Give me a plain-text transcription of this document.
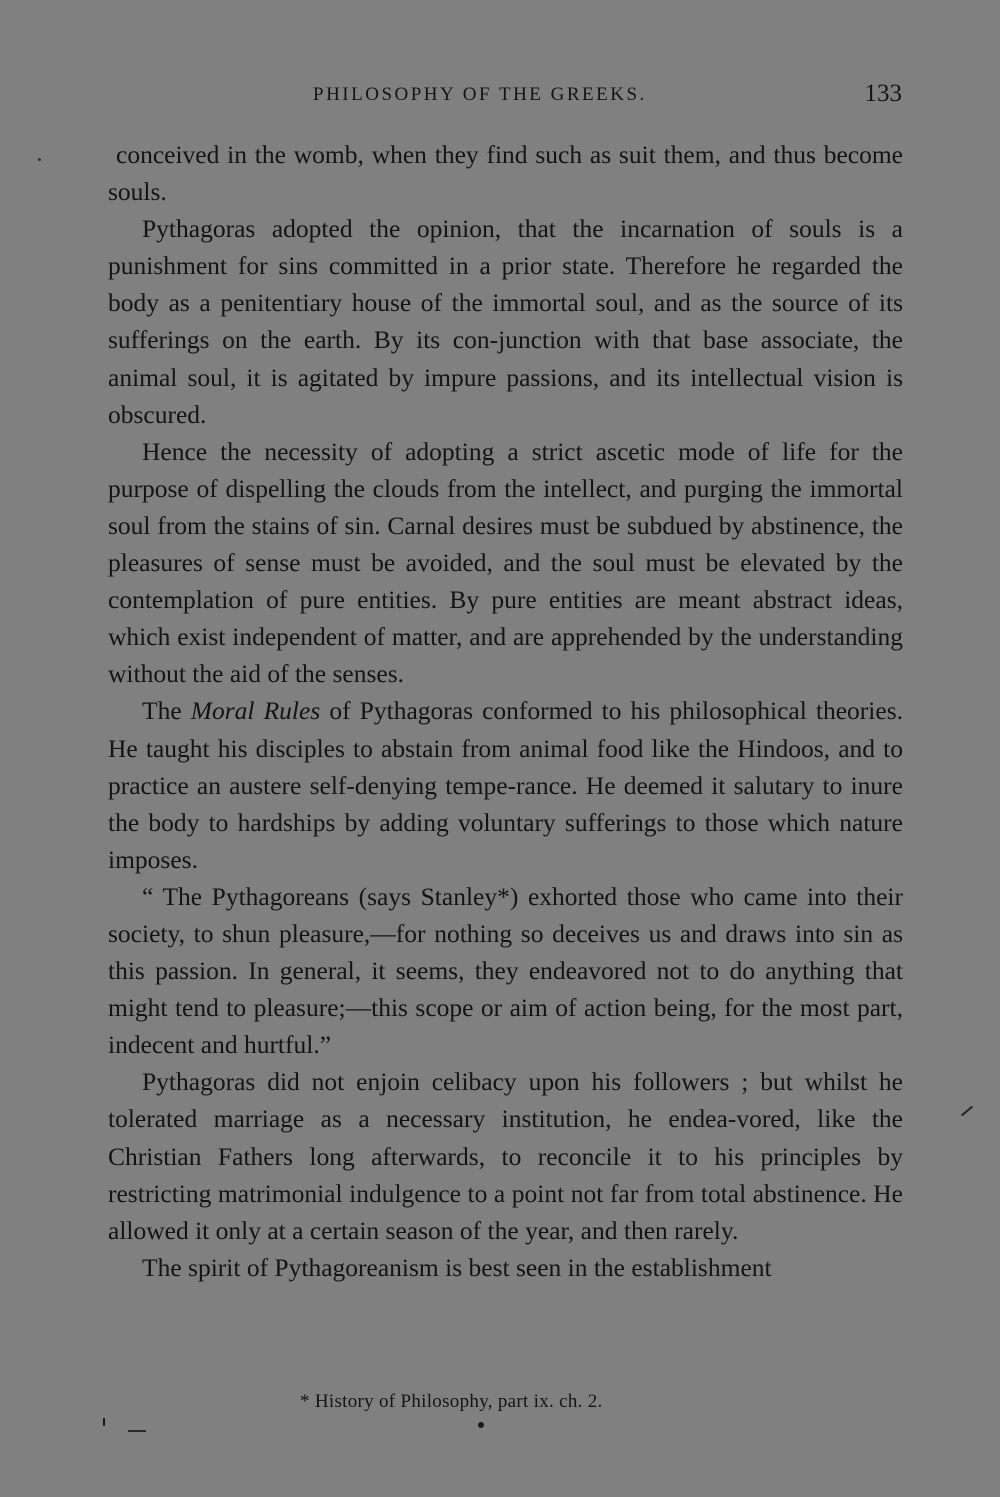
PHILOSOPHY OF THE GREEKS.	133

conceived in the womb, when they find such as suit them, and thus become souls.

Pythagoras adopted the opinion, that the incarnation of souls is a punishment for sins committed in a prior state. Therefore he regarded the body as a penitentiary house of the immortal soul, and as the source of its sufferings on the earth. By its con-junction with that base associate, the animal soul, it is agitated by impure passions, and its intellectual vision is obscured.

Hence the necessity of adopting a strict ascetic mode of life for the purpose of dispelling the clouds from the intellect, and purging the immortal soul from the stains of sin. Carnal desires must be subdued by abstinence, the pleasures of sense must be avoided, and the soul must be elevated by the contemplation of pure entities. By pure entities are meant abstract ideas, which exist independent of matter, and are apprehended by the understanding without the aid of the senses.

The Moral Rules of Pythagoras conformed to his philosophical theories. He taught his disciples to abstain from animal food like the Hindoos, and to practice an austere self-denying tempe-rance. He deemed it salutary to inure the body to hardships by adding voluntary sufferings to those which nature imposes.

“ The Pythagoreans (says Stanley*) exhorted those who came into their society, to shun pleasure,—for nothing so deceives us and draws into sin as this passion. In general, it seems, they endeavored not to do anything that might tend to pleasure;—this scope or aim of action being, for the most part, indecent and hurtful.”

Pythagoras did not enjoin celibacy upon his followers ; but whilst he tolerated marriage as a necessary institution, he endea-vored, like the Christian Fathers long afterwards, to reconcile it to his principles by restricting matrimonial indulgence to a point not far from total abstinence. He allowed it only at a certain season of the year, and then rarely.

The spirit of Pythagoreanism is best seen in the establishment

* History of Philosophy, part ix. ch. 2.
